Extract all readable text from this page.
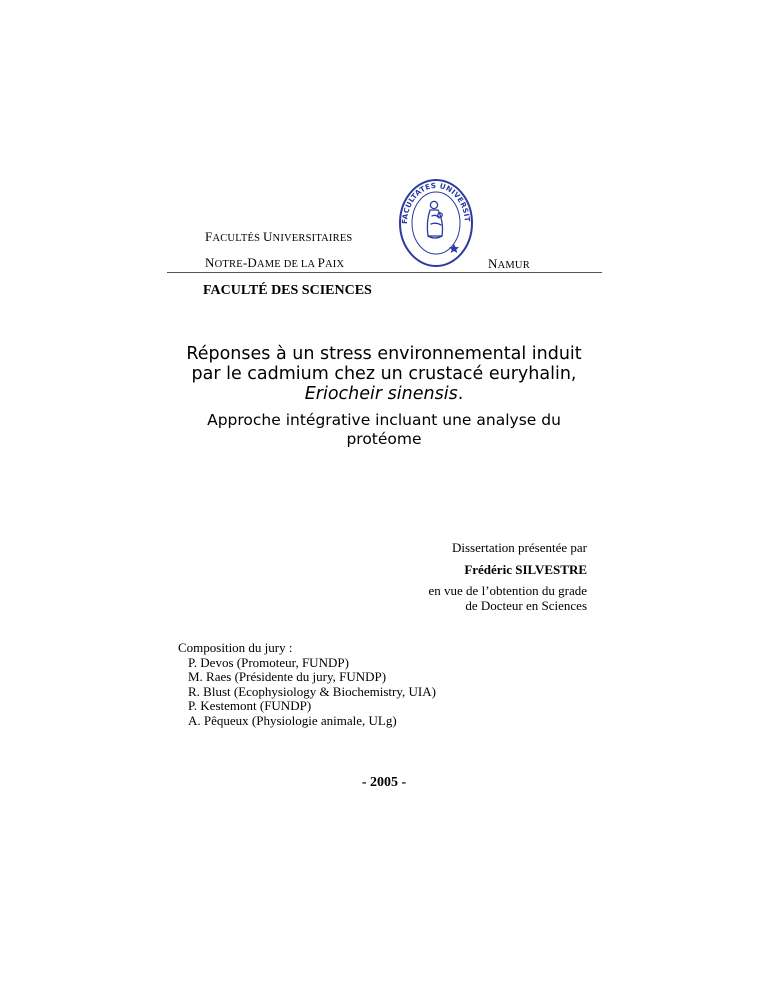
FACULTÉS UNIVERSITAIRES
NOTRE-DAME DE LA PAIX	NAMUR
FACULTATES UNIVERSIT
FACULTÉ DES SCIENCES
Réponses à un stress environnemental induit
par le cadmium chez un crustacé euryhalin,
Eriocheir sinensis.
Approche intégrative incluant une analyse du
protéome
Dissertation présentée par
Frédéric SILVESTRE
en vue de l’obtention du grade
de Docteur en Sciences
Composition du jury :
P. Devos (Promoteur, FUNDP)
M. Raes (Présidente du jury, FUNDP)
R. Blust (Ecophysiology & Biochemistry, UIA)
P. Kestemont (FUNDP)
A. Pêqueux (Physiologie animale, ULg)
- 2005 -
